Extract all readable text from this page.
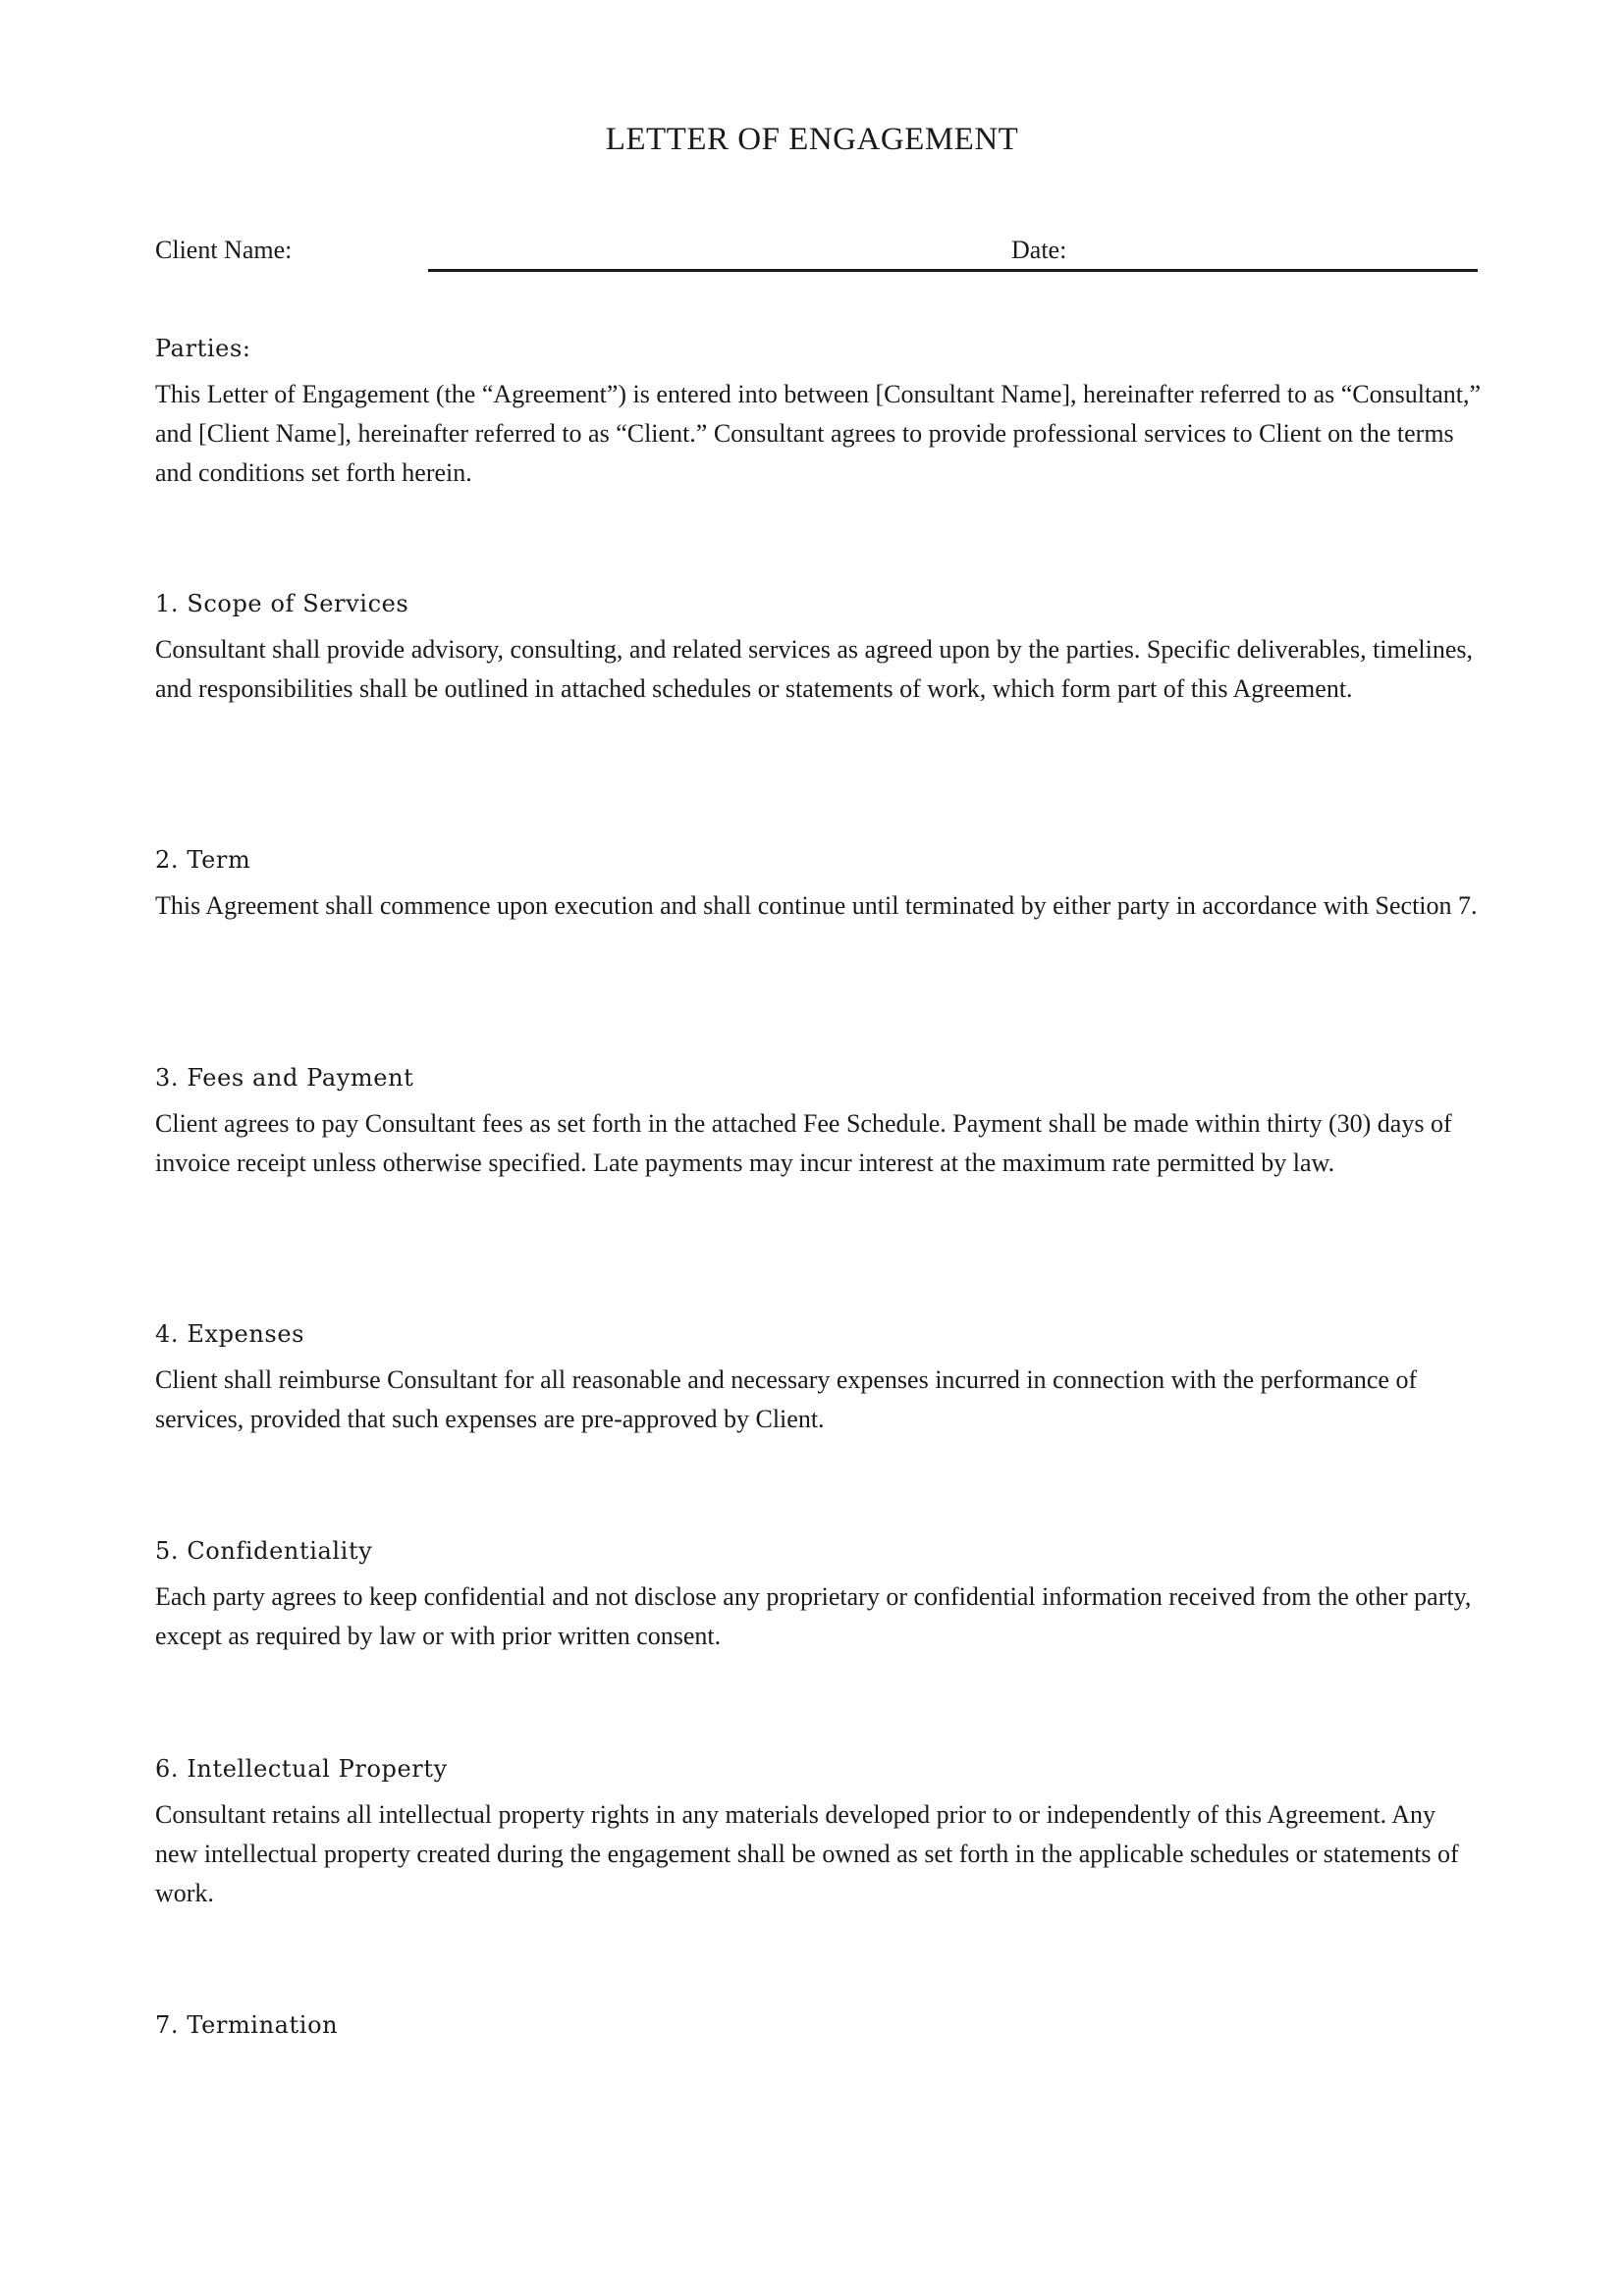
LETTER OF ENGAGEMENT
Client Name:	Date:
Parties:

This Letter of Engagement (the “Agreement”) is entered into between [Consultant Name], hereinafter referred to as “Consultant,” and [Client Name], hereinafter referred to as “Client.” Consultant agrees to provide professional services to Client on the terms and conditions set forth herein.

1. Scope of Services

Consultant shall provide advisory, consulting, and related services as agreed upon by the parties. Specific deliverables, timelines, and responsibilities shall be outlined in attached schedules or statements of work, which form part of this Agreement.

2. Term

This Agreement shall commence upon execution and shall continue until terminated by either party in accordance with Section 7.

3. Fees and Payment

Client agrees to pay Consultant fees as set forth in the attached Fee Schedule. Payment shall be made within thirty (30) days of invoice receipt unless otherwise specified. Late payments may incur interest at the maximum rate permitted by law.

4. Expenses

Client shall reimburse Consultant for all reasonable and necessary expenses incurred in connection with the performance of services, provided that such expenses are pre-approved by Client.

5. Confidentiality

Each party agrees to keep confidential and not disclose any proprietary or confidential information received from the other party, except as required by law or with prior written consent.

6. Intellectual Property

Consultant retains all intellectual property rights in any materials developed prior to or independently of this Agreement. Any new intellectual property created during the engagement shall be owned as set forth in the applicable schedules or statements of work.

7. Termination
